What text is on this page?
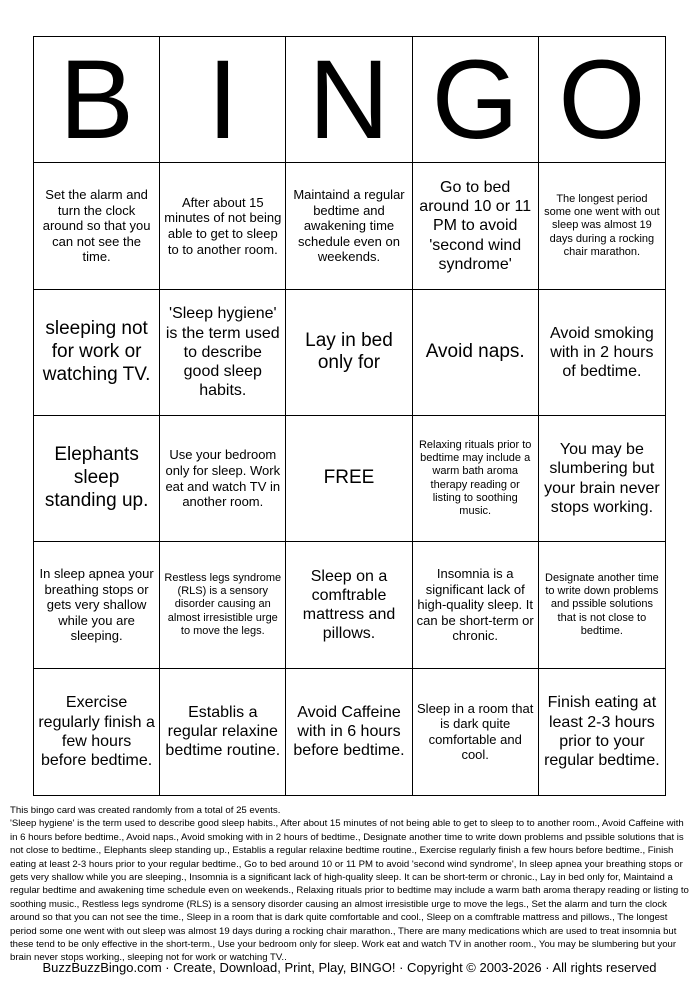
B I N G O
Set the alarm and turn the clock around so that you can not see the time.
After about 15 minutes of not being able to get to sleep to to another room.
Maintaind a regular bedtime and awakening time schedule even on weekends.
Go to bed around 10 or 11 PM to avoid 'second wind syndrome'
The longest period some one went with out sleep was almost 19 days during a rocking chair marathon.
sleeping not for work or watching TV.
'Sleep hygiene' is the term used to describe good sleep habits.
Lay in bed only for
Avoid naps.
Avoid smoking with in 2 hours of bedtime.
Elephants sleep standing up.
Use your bedroom only for sleep. Work eat and watch TV in another room.
FREE
Relaxing rituals prior to bedtime may include a warm bath aroma therapy reading or listing to soothing music.
You may be slumbering but your brain never stops working.
In sleep apnea your breathing stops or gets very shallow while you are sleeping.
Restless legs syndrome (RLS) is a sensory disorder causing an almost irresistible urge to move the legs.
Sleep on a comftrable mattress and pillows.
Insomnia is a significant lack of high-quality sleep. It can be short-term or chronic.
Designate another time to write down problems and pssible solutions that is not close to bedtime.
Exercise regularly finish a few hours before bedtime.
Establis a regular relaxine bedtime routine.
Avoid Caffeine with in 6 hours before bedtime.
Sleep in a room that is dark quite comfortable and cool.
Finish eating at least 2-3 hours prior to your regular bedtime.

This bingo card was created randomly from a total of 25 events.

'Sleep hygiene' is the term used to describe good sleep habits., After about 15 minutes of not being able to get to sleep to to another room., Avoid Caffeine with in 6 hours before bedtime., Avoid naps., Avoid smoking with in 2 hours of bedtime., Designate another time to write down problems and pssible solutions that is not close to bedtime., Elephants sleep standing up., Establis a regular relaxine bedtime routine., Exercise regularly finish a few hours before bedtime., Finish eating at least 2-3 hours prior to your regular bedtime., Go to bed around 10 or 11 PM to avoid 'second wind syndrome', In sleep apnea your breathing stops or gets very shallow while you are sleeping., Insomnia is a significant lack of high-quality sleep. It can be short-term or chronic., Lay in bed only for, Maintaind a regular bedtime and awakening time schedule even on weekends., Relaxing rituals prior to bedtime may include a warm bath aroma therapy reading or listing to soothing music., Restless legs syndrome (RLS) is a sensory disorder causing an almost irresistible urge to move the legs., Set the alarm and turn the clock around so that you can not see the time., Sleep in a room that is dark quite comfortable and cool., Sleep on a comftrable mattress and pillows., The longest period some one went with out sleep was almost 19 days during a rocking chair marathon., There are many medications which are used to treat insomnia but these tend to be only effective in the short-term., Use your bedroom only for sleep. Work eat and watch TV in another room., You may be slumbering but your brain never stops working., sleeping not for work or watching TV..

BuzzBuzzBingo.com · Create, Download, Print, Play, BINGO! · Copyright © 2003-2026 · All rights reserved
